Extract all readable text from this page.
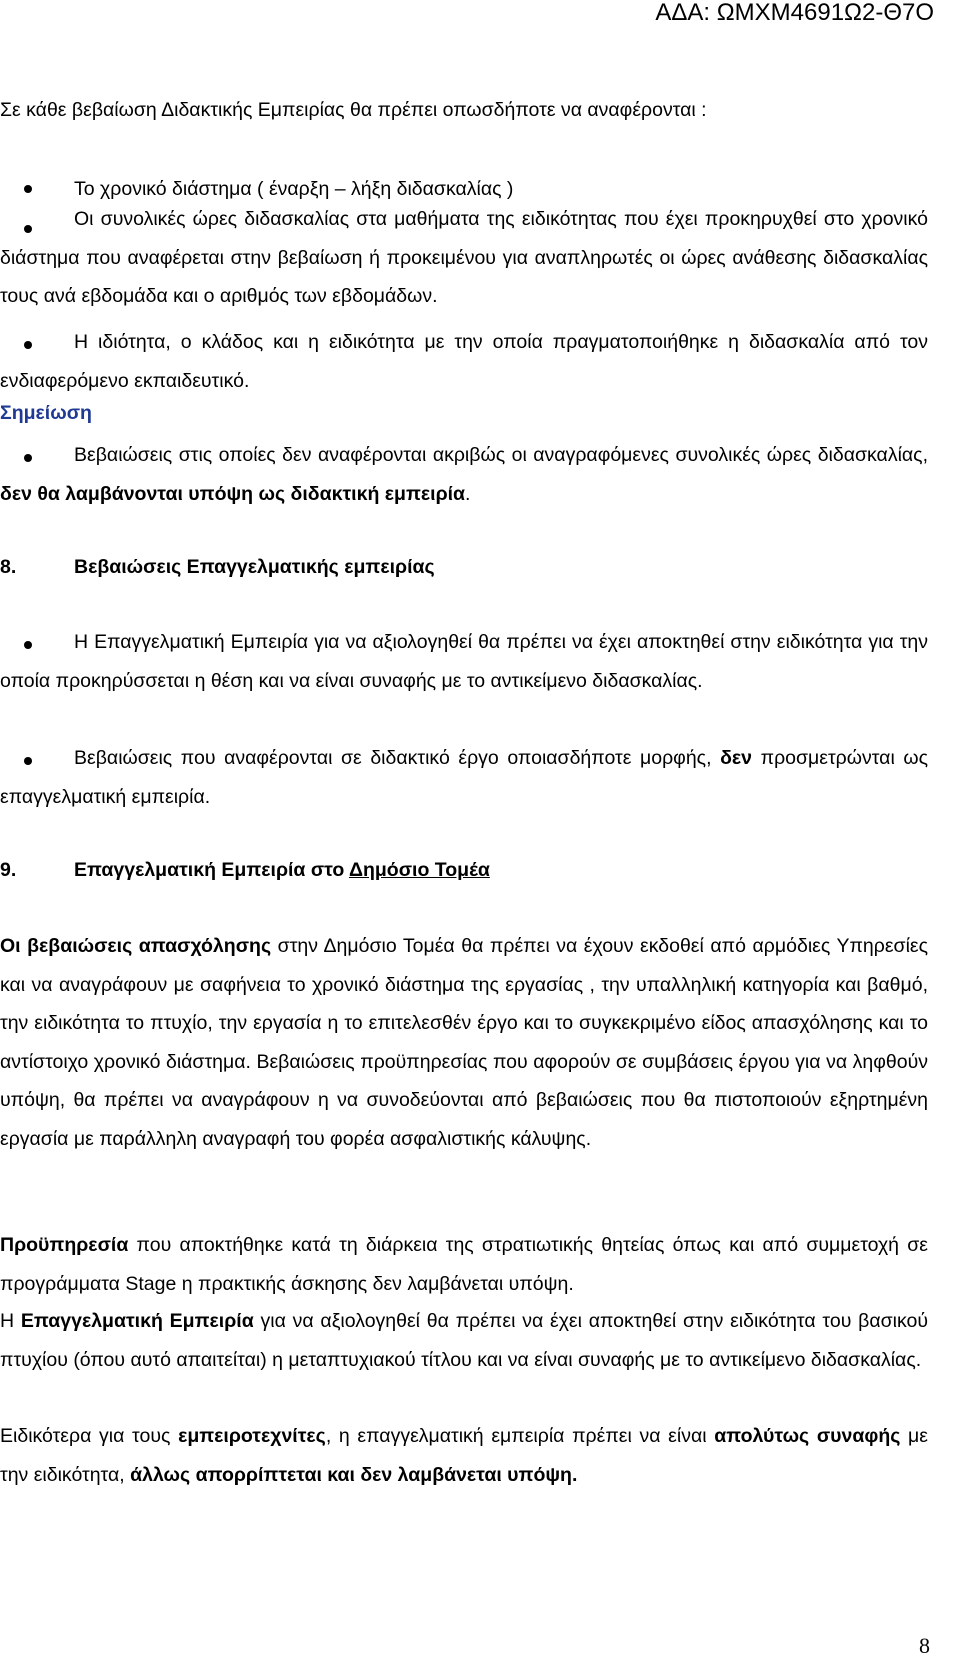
ΑΔΑ: ΩΜΧΜ4691Ω2-Θ7Ο
Σε κάθε βεβαίωση Διδακτικής Εμπειρίας θα πρέπει οπωσδήποτε να αναφέρονται :
Το χρονικό διάστημα ( έναρξη – λήξη διδασκαλίας )
Οι συνολικές ώρες διδασκαλίας στα μαθήματα της ειδικότητας που έχει προκηρυχθεί στο χρονικό διάστημα που αναφέρεται στην βεβαίωση ή προκειμένου για αναπληρωτές οι ώρες ανάθεσης διδασκαλίας τους ανά εβδομάδα και ο αριθμός των εβδομάδων.
Η ιδιότητα, ο κλάδος και η ειδικότητα με την οποία πραγματοποιήθηκε η διδασκαλία από τον ενδιαφερόμενο εκπαιδευτικό.
Σημείωση
Βεβαιώσεις στις οποίες δεν αναφέρονται ακριβώς οι αναγραφόμενες συνολικές ώρες διδασκαλίας, δεν θα λαμβάνονται υπόψη ως διδακτική εμπειρία.
8.	Βεβαιώσεις Επαγγελματικής εμπειρίας
Η Επαγγελματική Εμπειρία για να αξιολογηθεί θα πρέπει να έχει αποκτηθεί στην ειδικότητα για την οποία προκηρύσσεται η θέση και να είναι συναφής με το αντικείμενο διδασκαλίας.
Βεβαιώσεις που αναφέρονται σε διδακτικό έργο οποιασδήποτε μορφής, δεν προσμετρώνται ως επαγγελματική εμπειρία.
9.	Επαγγελματική Εμπειρία στο Δημόσιο Τομέα
Οι βεβαιώσεις απασχόλησης στην Δημόσιο Τομέα θα πρέπει να έχουν εκδοθεί από αρμόδιες Υπηρεσίες και να αναγράφουν με σαφήνεια το χρονικό διάστημα της εργασίας , την υπαλληλική κατηγορία και βαθμό, την ειδικότητα το πτυχίο, την εργασία η το επιτελεσθέν έργο και το συγκεκριμένο είδος απασχόλησης και το αντίστοιχο χρονικό διάστημα. Βεβαιώσεις προϋπηρεσίας που αφορούν σε συμβάσεις έργου για να ληφθούν υπόψη, θα πρέπει να αναγράφουν η να συνοδεύονται από βεβαιώσεις που θα πιστοποιούν εξηρτημένη εργασία με παράλληλη αναγραφή του φορέα ασφαλιστικής κάλυψης.
Προϋπηρεσία που αποκτήθηκε κατά τη διάρκεια της στρατιωτικής θητείας όπως και από συμμετοχή σε προγράμματα Stage η πρακτικής άσκησης δεν λαμβάνεται υπόψη.
Η Επαγγελματική Εμπειρία για να αξιολογηθεί θα πρέπει να έχει αποκτηθεί στην ειδικότητα του βασικού πτυχίου (όπου αυτό απαιτείται) η μεταπτυχιακού τίτλου και να είναι συναφής με το αντικείμενο διδασκαλίας.
Ειδικότερα για τους εμπειροτεχνίτες, η επαγγελματική εμπειρία πρέπει να είναι απολύτως συναφής με την ειδικότητα, άλλως απορρίπτεται και δεν λαμβάνεται υπόψη.
8
